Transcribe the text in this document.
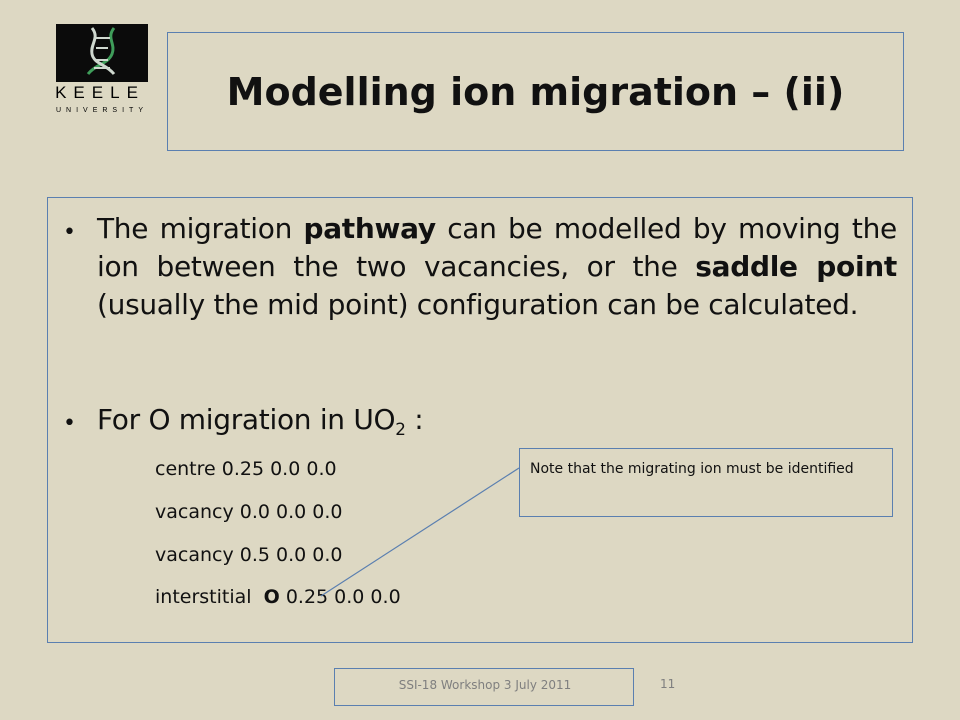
KEELE
UNIVERSITY Modelling ion migration – (ii)
• The migration pathway can be modelled by moving the ion between the two vacancies, or the saddle point (usually the mid point) configuration can be calculated.
• For O migration in $UO_2$ :
centre 0.25 0.0 0.0
vacancy 0.0 0.0 0.0
vacancy 0.5 0.0 0.0
interstitial  O 0.25 0.0 0.0
Note that the migrating ion must be identified
SSI-18 Workshop 3 July 2011	11
